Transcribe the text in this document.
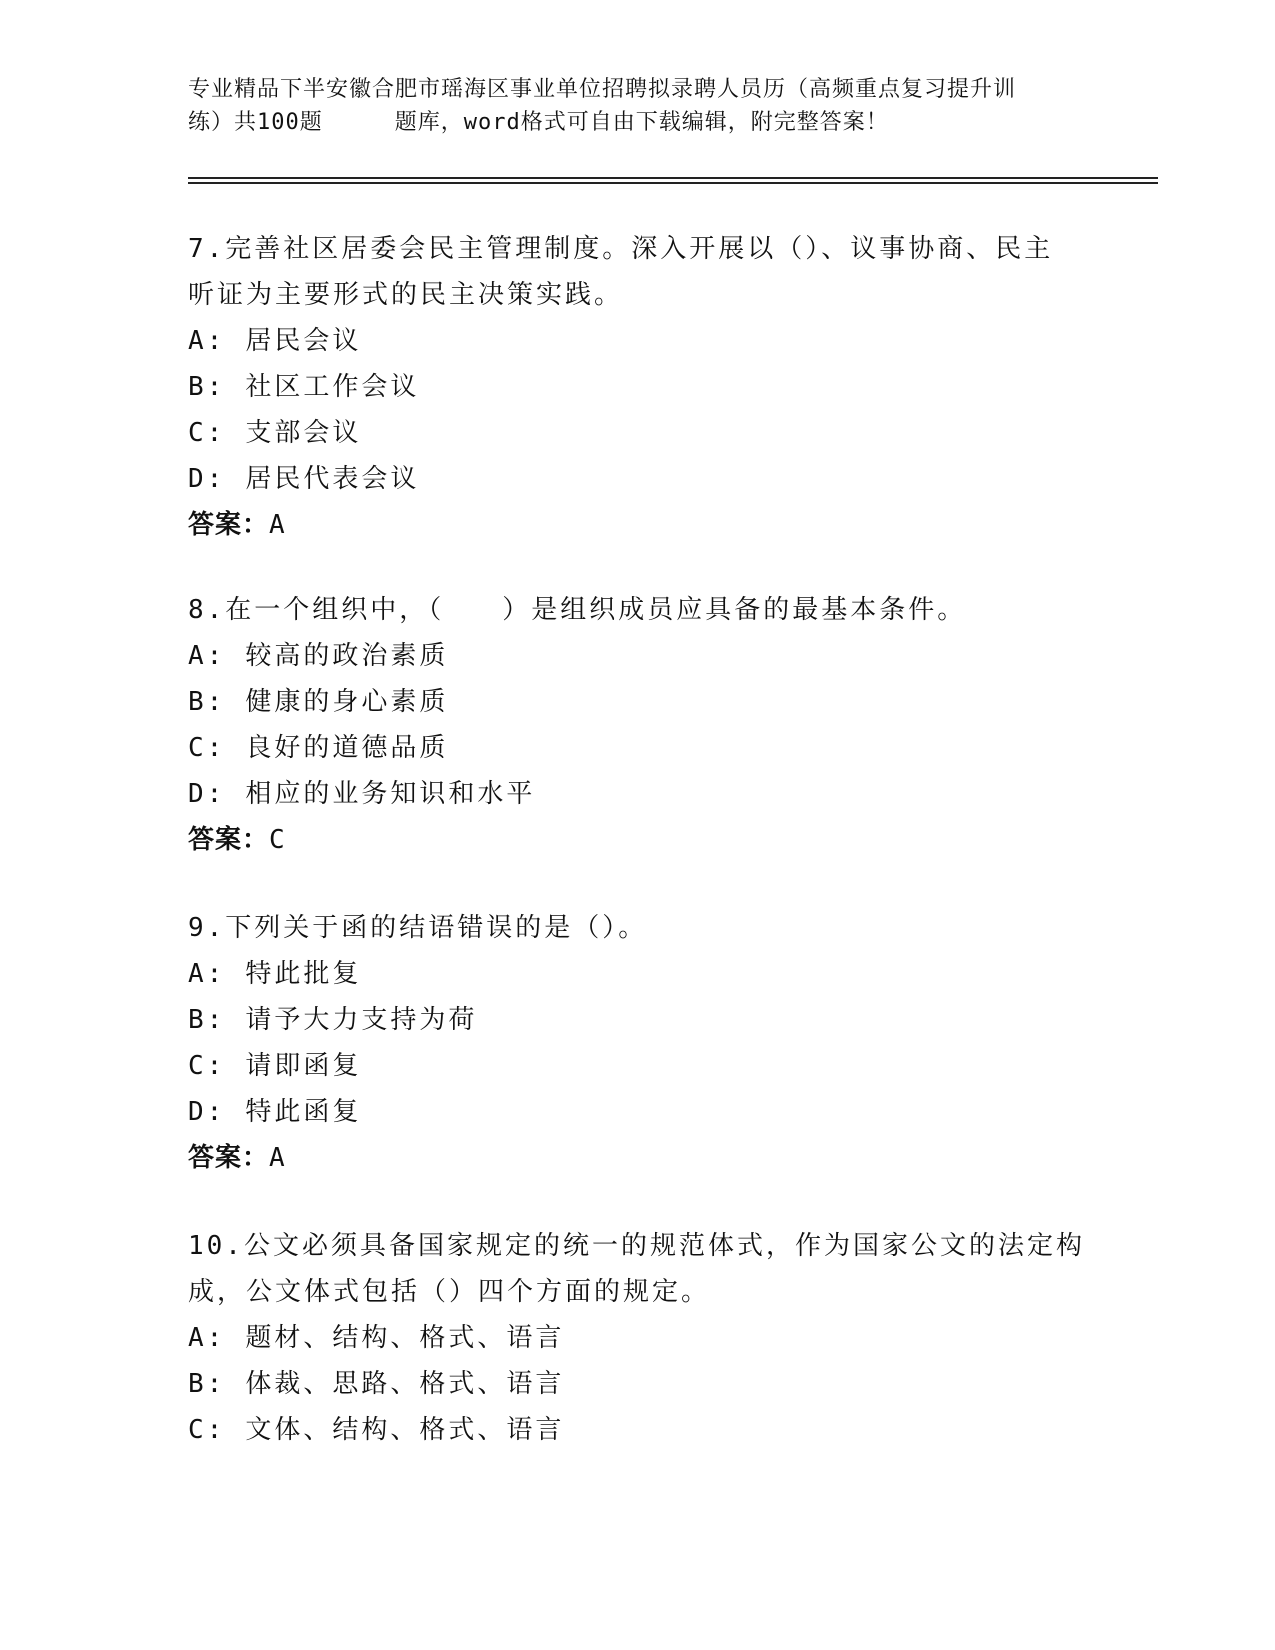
专业精品下半安徽合肥市瑶海区事业单位招聘拟录聘人员历（高频重点复习提升训
练）共100题	题库，word格式可自由下载编辑，附完整答案！
7.完善社区居委会民主管理制度。深入开展以（）、议事协商、民主
听证为主要形式的民主决策实践。
A: 居民会议
B: 社区工作会议
C: 支部会议
D: 居民代表会议
答案：A
8.在一个组织中，（　　）是组织成员应具备的最基本条件。
A: 较高的政治素质
B: 健康的身心素质
C: 良好的道德品质
D: 相应的业务知识和水平
答案：C
9.下列关于函的结语错误的是（）。
A: 特此批复
B: 请予大力支持为荷
C: 请即函复
D: 特此函复
答案：A
10.公文必须具备国家规定的统一的规范体式，作为国家公文的法定构
成，公文体式包括（）四个方面的规定。
A: 题材、结构、格式、语言
B: 体裁、思路、格式、语言
C: 文体、结构、格式、语言
